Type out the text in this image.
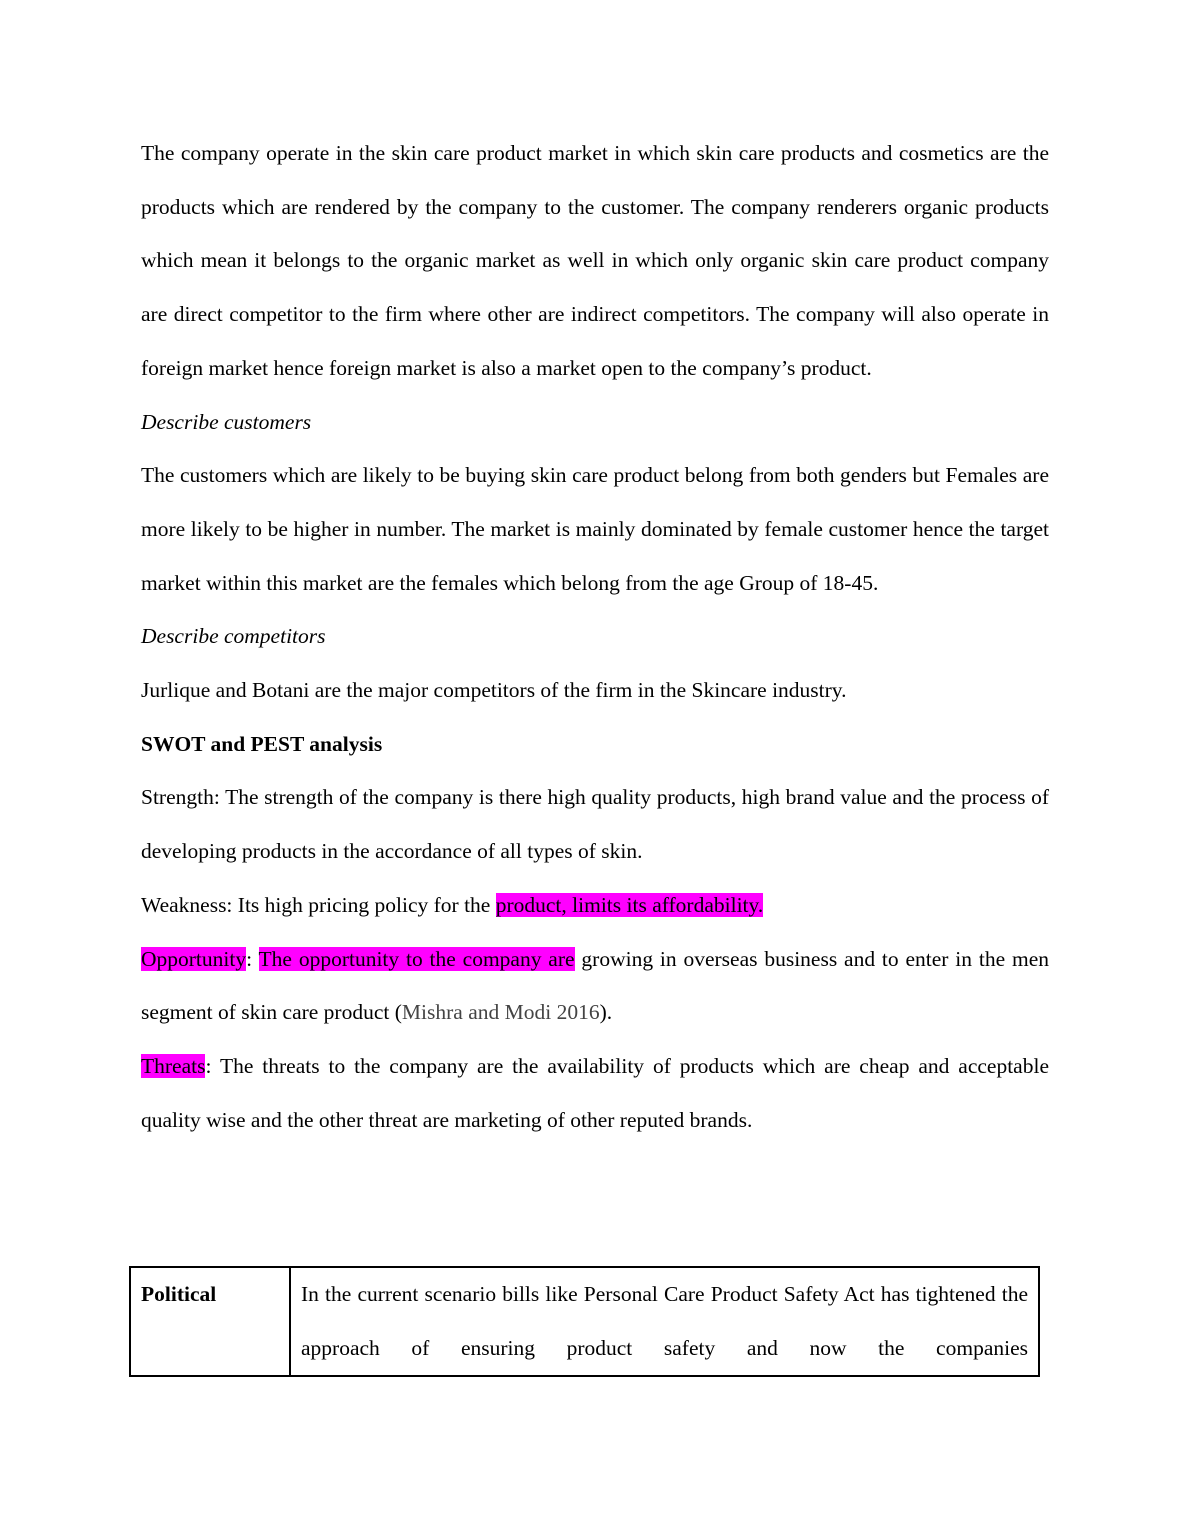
The company operate in the skin care product market in which skin care products and cosmetics are the products which are rendered by the company to the customer. The company renderers organic products which mean it belongs to the organic market as well in which only organic skin care product company are direct competitor to the firm where other are indirect competitors. The company will also operate in foreign market hence foreign market is also a market open to the company’s product.

Describe customers

The customers which are likely to be buying skin care product belong from both genders but Females are more likely to be higher in number. The market is mainly dominated by female customer hence the target market within this market are the females which belong from the age Group of 18-45.

Describe competitors

Jurlique and Botani are the major competitors of the firm in the Skincare industry.

SWOT and PEST analysis

Strength: The strength of the company is there high quality products, high brand value and the process of developing products in the accordance of all types of skin.

Weakness: Its high pricing policy for the product, limits its affordability.

Opportunity: The opportunity to the company are growing in overseas business and to enter in the men segment of skin care product (Mishra and Modi 2016).

Threats: The threats to the company are the availability of products which are cheap and acceptable quality wise and the other threat are marketing of other reputed brands.

Political	In the current scenario bills like Personal Care Product Safety Act has tightened the approach of ensuring product safety and now the companies
